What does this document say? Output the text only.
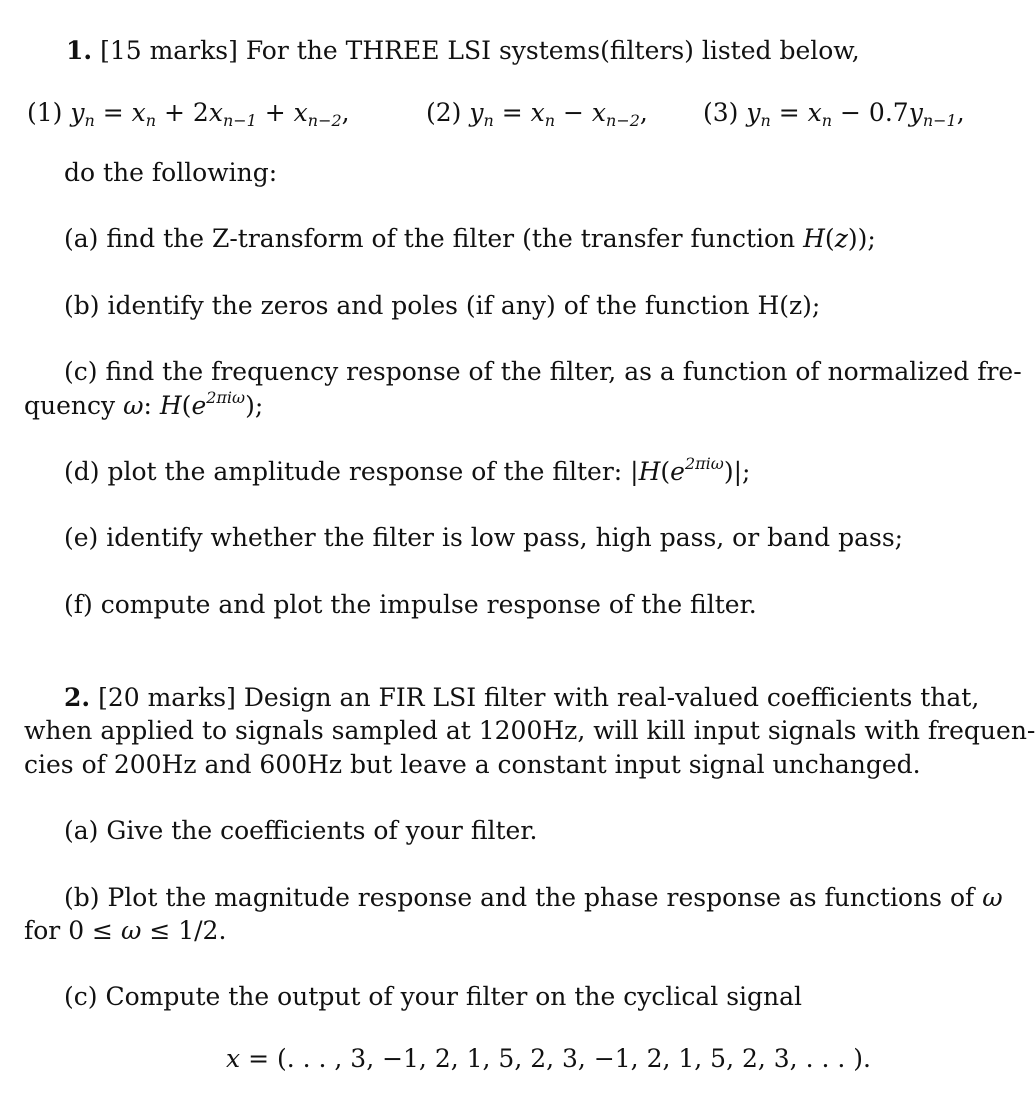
1. [15 marks] For the THREE LSI systems(filters) listed below,
(1) $y_n = x_n + 2x_{n-1} + x_{n-2}$,	(2) $y_n = x_n - x_{n-2}$, (3) $y_n = x_n - 0.7y_{n-1}$,
do the following:
(a) find the Z-transform of the filter (the transfer function H(z));
(b) identify the zeros and poles (if any) of the function H(z);
(c) find the frequency response of the filter, as a function of normalized fre-
quency ω: $H(e^{2\pi i\omega})$;
(d) plot the amplitude response of the filter: $|H(e^{2\pi i\omega})|$;
(e) identify whether the filter is low pass, high pass, or band pass;
(f) compute and plot the impulse response of the filter.
2. [20 marks] Design an FIR LSI filter with real-valued coefficients that,
when applied to signals sampled at 1200Hz, will kill input signals with frequen-
cies of 200Hz and 600Hz but leave a constant input signal unchanged.
(a) Give the coefficients of your filter.
(b) Plot the magnitude response and the phase response as functions of ω
for 0 ≤ ω ≤ 1/2.
(c) Compute the output of your filter on the cyclical signal
x = (. . . , 3, −1, 2, 1, 5, 2, 3, −1, 2, 1, 5, 2, 3, . . . ).
